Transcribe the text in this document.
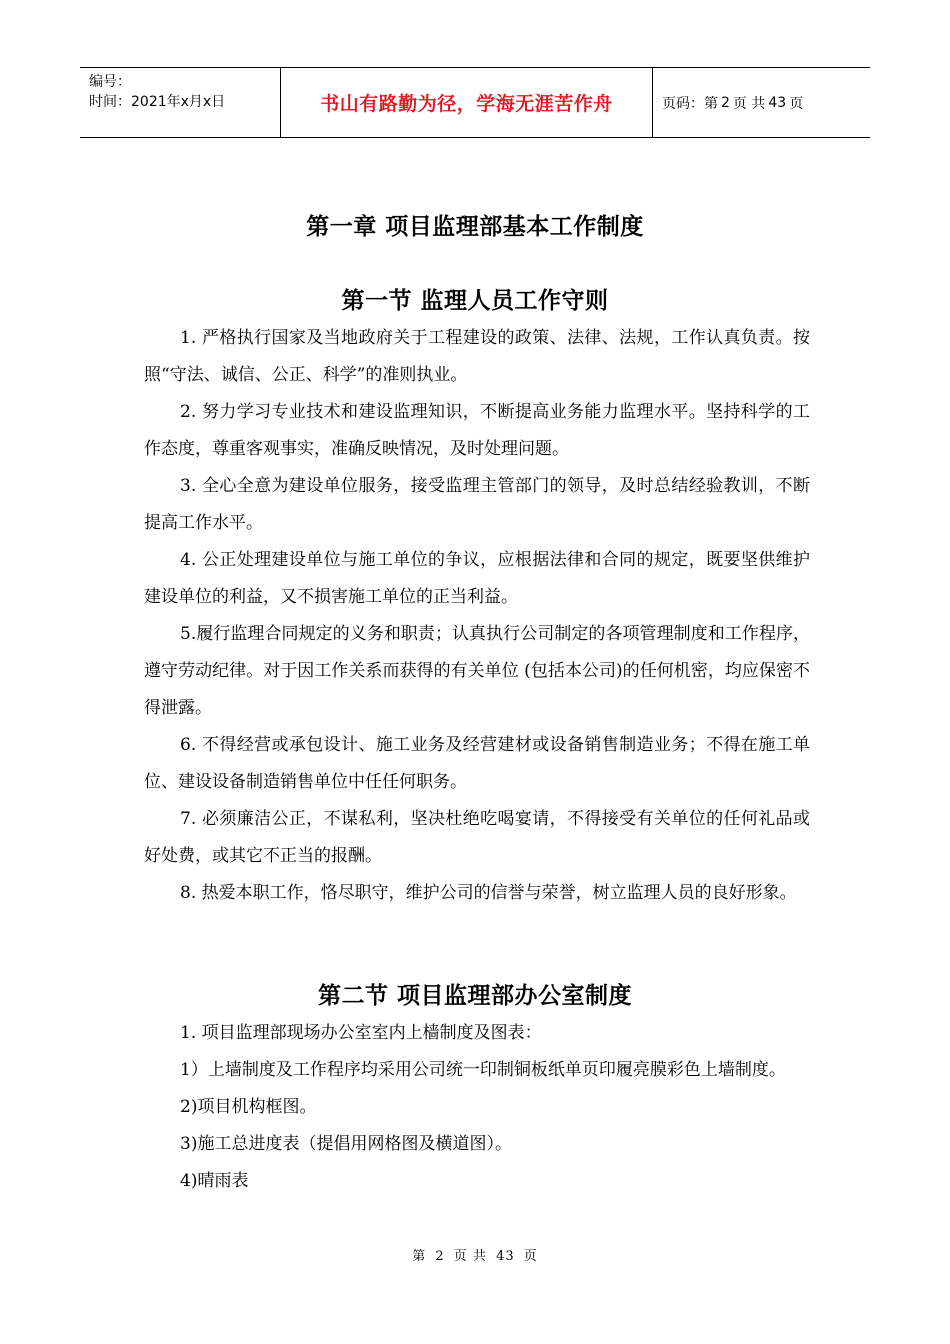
编号：
时间：2021年x月x日	书山有路勤为径，学海无涯苦作舟	页码：第 2 页 共 43 页
第一章 项目监理部基本工作制度
第一节 监理人员工作守则

1. 严格执行国家及当地政府关于工程建设的政策、法律、法规，工作认真负责。按照“守法、诚信、公正、科学”的准则执业。

2. 努力学习专业技术和建设监理知识，不断提高业务能力监理水平。坚持科学的工作态度，尊重客观事实，准确反映情况，及时处理问题。

3. 全心全意为建设单位服务，接受监理主管部门的领导，及时总结经验教训，不断提高工作水平。

4. 公正处理建设单位与施工单位的争议，应根据法律和合同的规定，既要坚供维护建设单位的利益，又不损害施工单位的正当利益。

5.履行监理合同规定的义务和职责；认真执行公司制定的各项管理制度和工作程序，遵守劳动纪律。对于因工作关系而获得的有关单位 (包括本公司)的任何机密，均应保密不得泄露。

6. 不得经营或承包设计、施工业务及经营建材或设备销售制造业务；不得在施工单位、建设设备制造销售单位中任任何职务。

7. 必须廉洁公正，不谋私利，坚决杜绝吃喝宴请，不得接受有关单位的任何礼品或好处费，或其它不正当的报酬。

8. 热爱本职工作，恪尽职守，维护公司的信誉与荣誉，树立监理人员的良好形象。

第二节 项目监理部办公室制度

1. 项目监理部现场办公室室内上樯制度及图表：

1）上墙制度及工作程序均采用公司统一印制铜板纸单页印履亮膜彩色上墙制度。

2)项目机构框图。

3)施工总进度表（提倡用网格图及横道图）。

4)晴雨表

第 2 页 共 43 页
